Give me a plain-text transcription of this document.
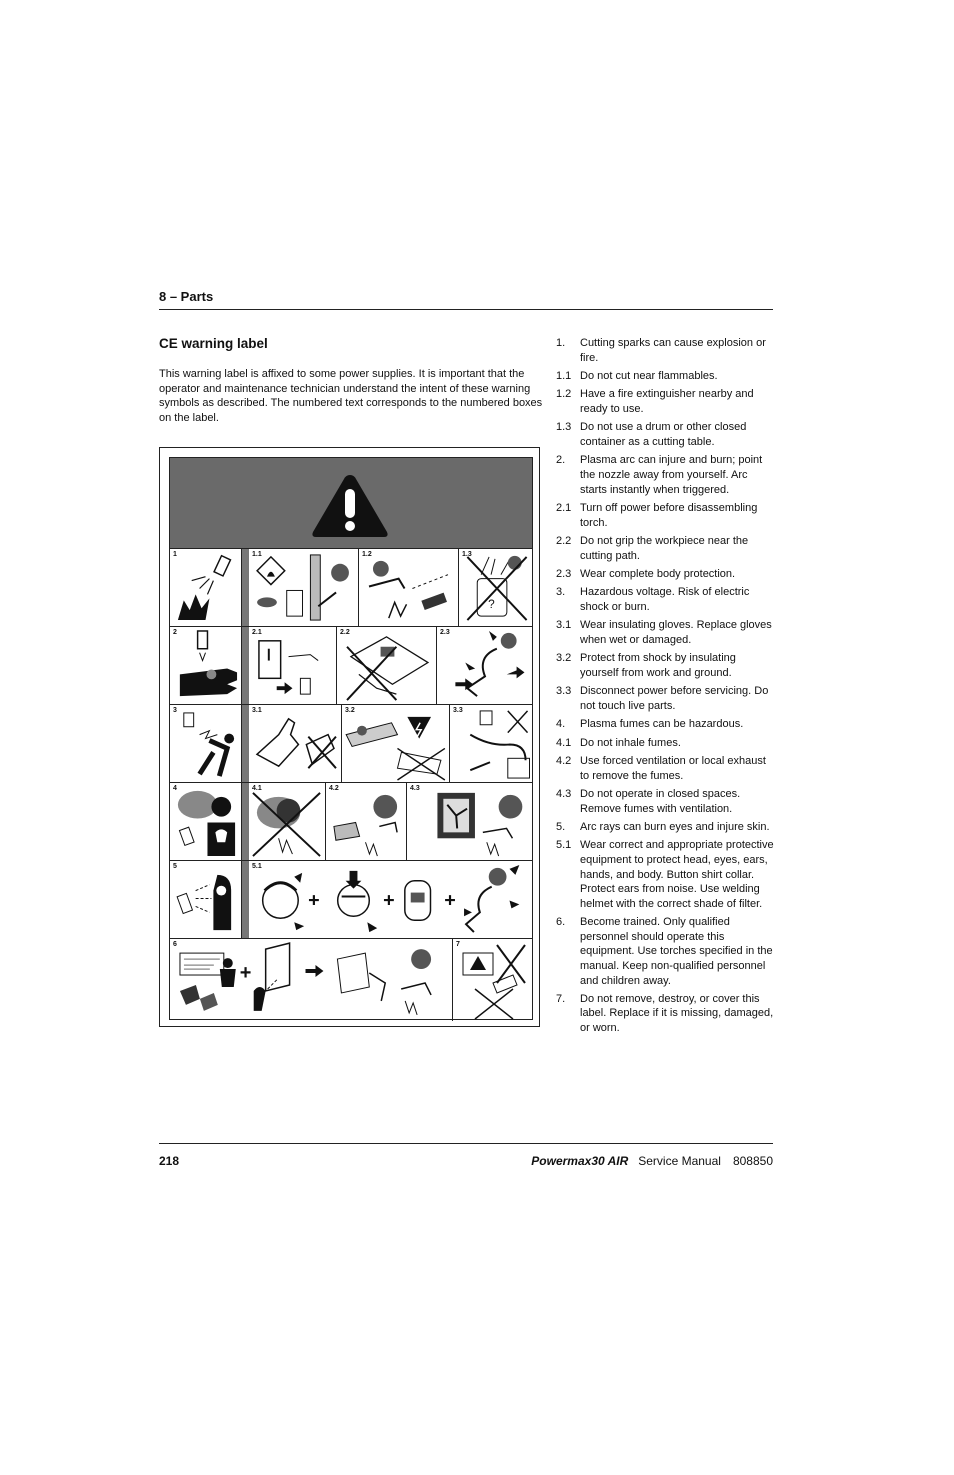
8 – Parts
CE warning label
This warning label is affixed to some power supplies. It is important that the operator and maintenance technician understand the intent of these warning symbols as described. The numbered text corresponds to the numbered boxes on the label.
1	1.1	1.2	1.3
?
2	2.1	2.2	2.3
3	3.1	3.2	3.3
4	4.1	4.2	4.3
5	5.1
+	+ +
6
+
7
1. Cutting sparks can cause explosion or fire.
1.1 Do not cut near flammables.
1.2 Have a fire extinguisher nearby and ready to use.
1.3 Do not use a drum or other closed container as a cutting table.
2. Plasma arc can injure and burn; point the nozzle away from yourself. Arc starts instantly when triggered.
2.1 Turn off power before disassembling torch.
2.2 Do not grip the workpiece near the cutting path.
2.3 Wear complete body protection.
3. Hazardous voltage. Risk of electric shock or burn.
3.1 Wear insulating gloves. Replace gloves when wet or damaged.
3.2 Protect from shock by insulating yourself from work and ground.
3.3 Disconnect power before servicing. Do not touch live parts.
4. Plasma fumes can be hazardous.
4.1 Do not inhale fumes.
4.2 Use forced ventilation or local exhaust to remove the fumes.
4.3 Do not operate in closed spaces. Remove fumes with ventilation.
5. Arc rays can burn eyes and injure skin.
5.1 Wear correct and appropriate protective equipment to protect head, eyes, ears, hands, and body. Button shirt collar. Protect ears from noise. Use welding helmet with the correct shade of filter.
6. Become trained. Only qualified personnel should operate this equipment. Use torches specified in the manual. Keep non-qualified personnel and children away.
7. Do not remove, destroy, or cover this label. Replace if it is missing, damaged, or worn.
218	Powermax30 AIR Service Manual 808850
